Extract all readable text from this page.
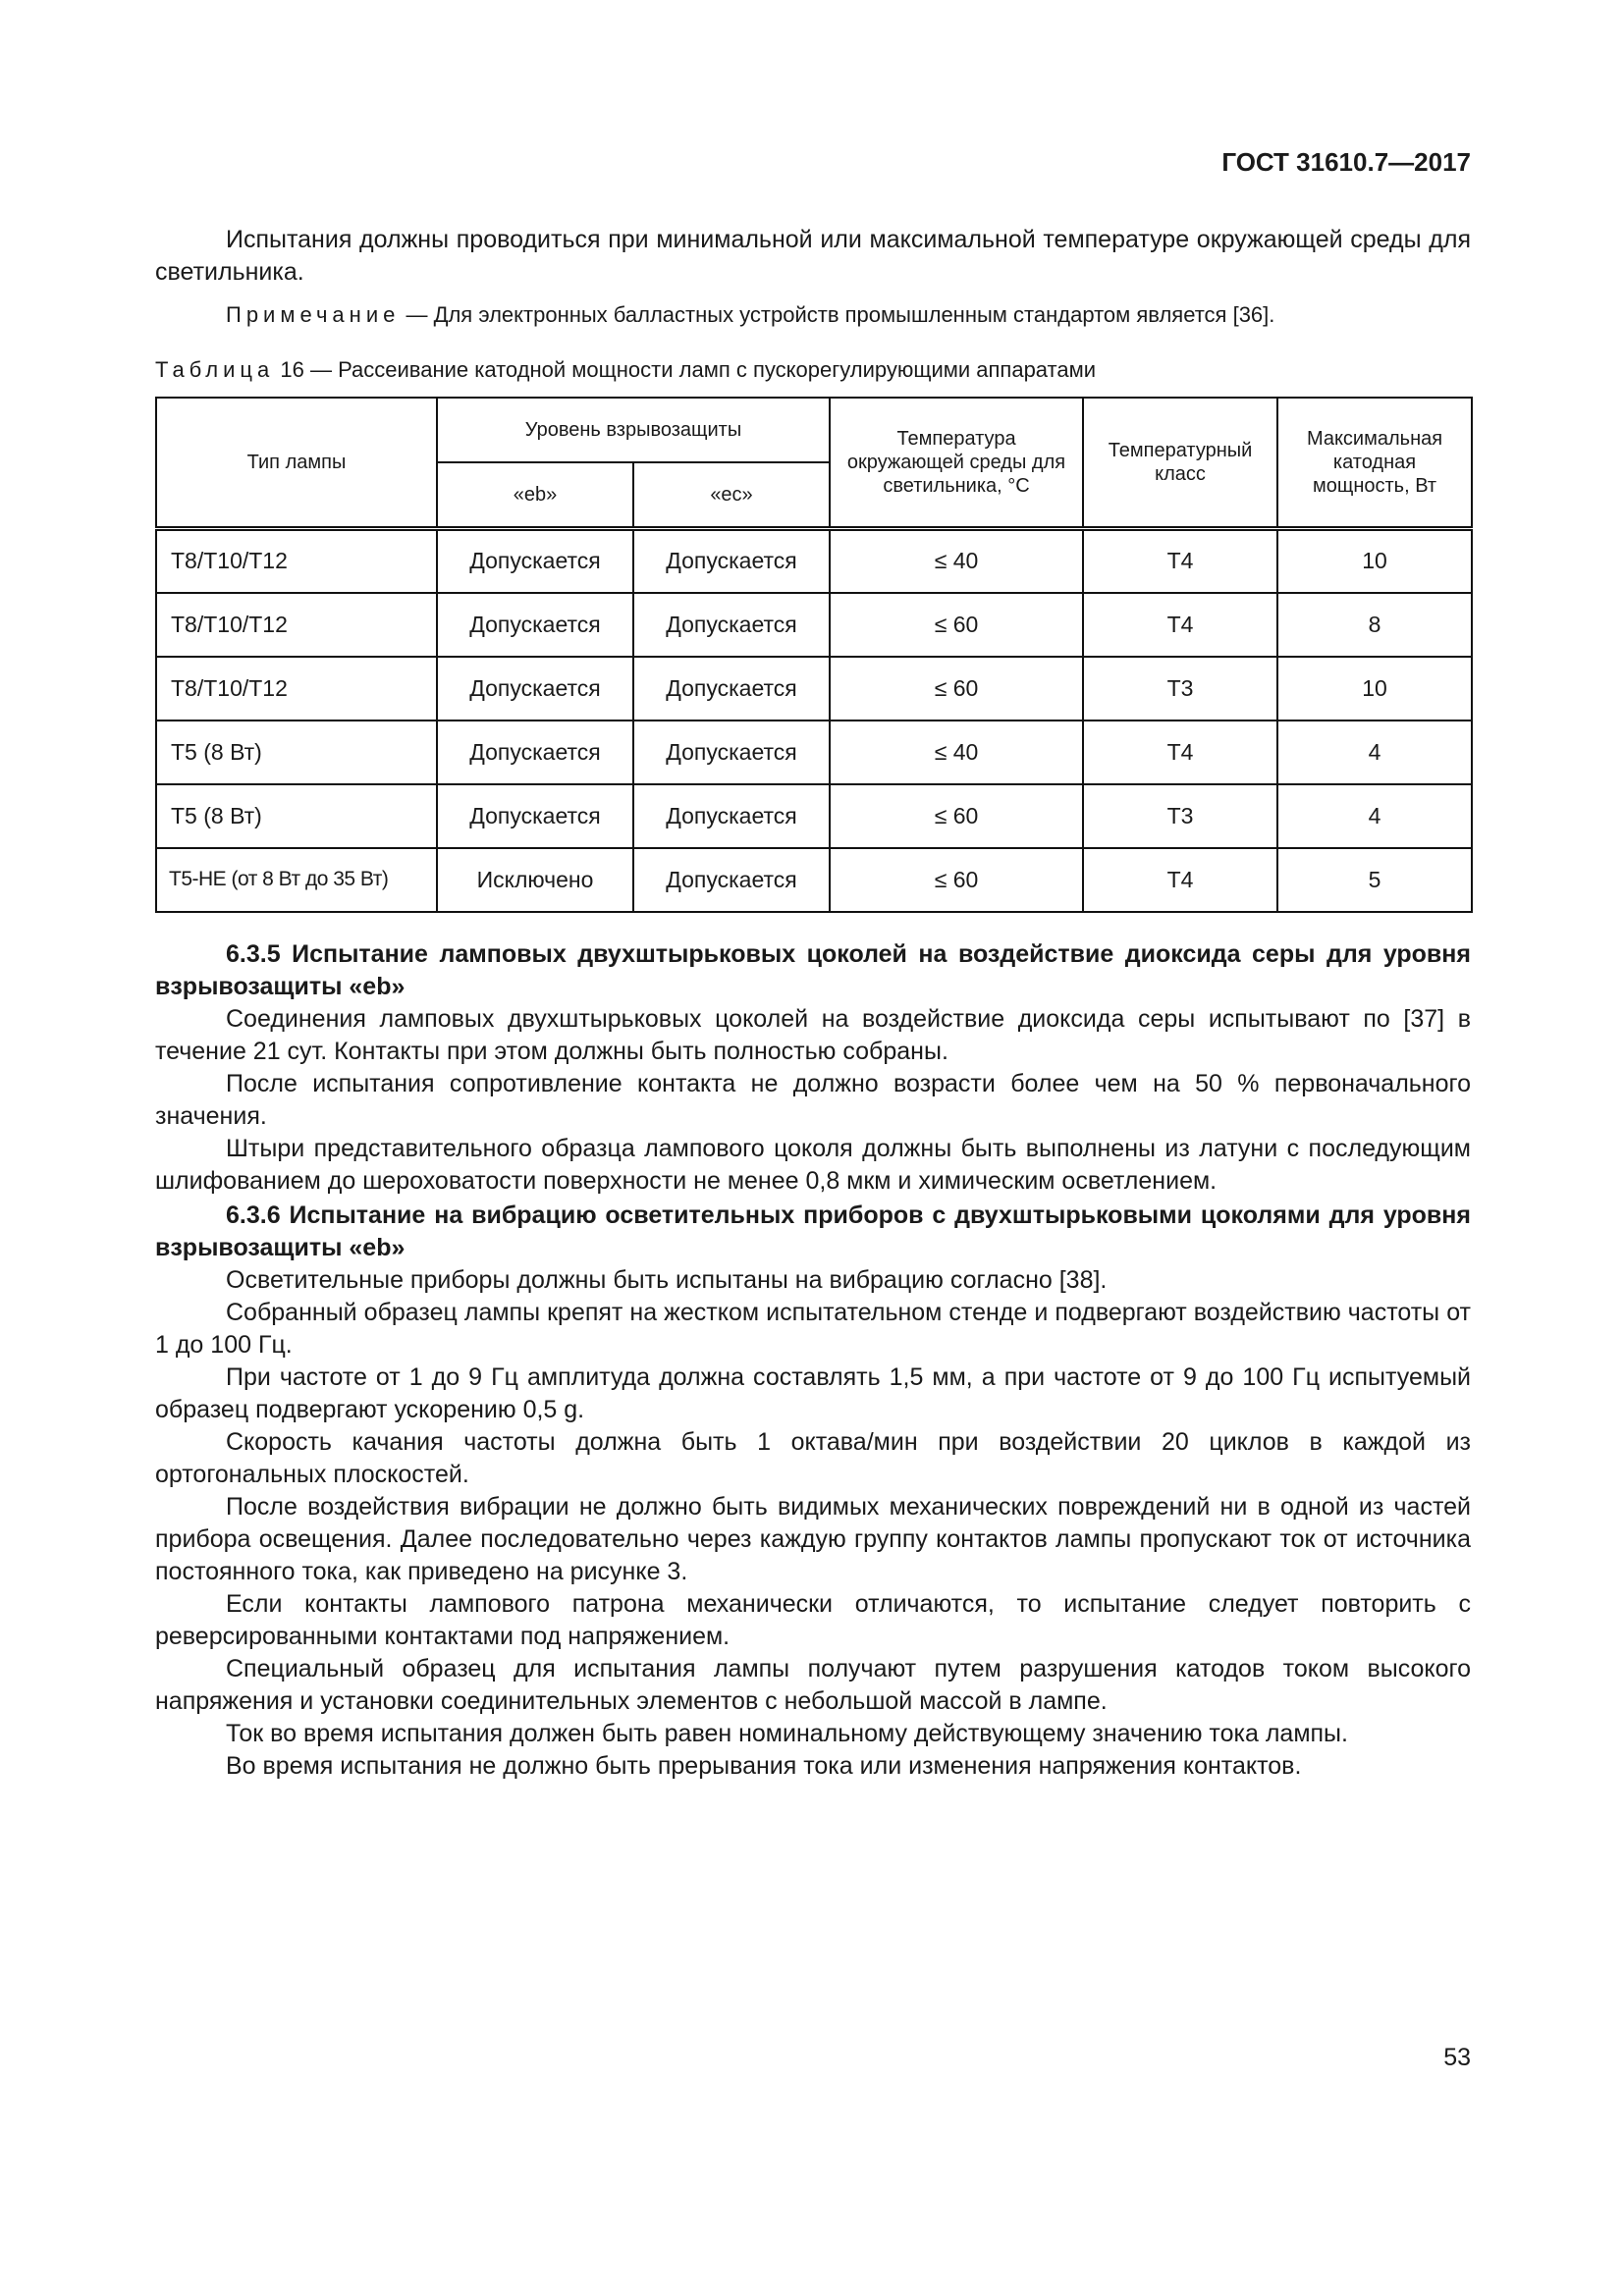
ГОСТ 31610.7—2017

Испытания должны проводиться при минимальной или максимальной температуре окружающей среды для светильника.

Примечание — Для электронных балластных устройств промышленным стандартом является [36].

Таблица 16 — Рассеивание катодной мощности ламп с пускорегулирующими аппаратами

Тип лампы	Уровень взрывозащиты		Температура окружающей среды для светильника, °С	Температурный класс	Максимальная катодная мощность, Вт
	«eb»	«ec»			
T8/T10/T12	Допускается	Допускается	≤ 40	Т4	10
T8/T10/T12	Допускается	Допускается	≤ 60	Т4	8
T8/T10/T12	Допускается	Допускается	≤ 60	Т3	10
T5 (8 Вт)	Допускается	Допускается	≤ 40	Т4	4
T5 (8 Вт)	Допускается	Допускается	≤ 60	Т3	4
T5-HE (от 8 Вт до 35 Вт)	Исключено	Допускается	≤ 60	Т4	5

6.3.5 Испытание ламповых двухштырьковых цоколей на воздействие диоксида серы для уровня взрывозащиты «eb»

Соединения ламповых двухштырьковых цоколей на воздействие диоксида серы испытывают по [37] в течение 21 сут. Контакты при этом должны быть полностью собраны.

После испытания сопротивление контакта не должно возрасти более чем на 50 % первоначального значения.

Штыри представительного образца лампового цоколя должны быть выполнены из латуни с последующим шлифованием до шероховатости поверхности не менее 0,8 мкм и химическим осветлением.

6.3.6 Испытание на вибрацию осветительных приборов с двухштырьковыми цоколями для уровня взрывозащиты «eb»

Осветительные приборы должны быть испытаны на вибрацию согласно [38].

Собранный образец лампы крепят на жестком испытательном стенде и подвергают воздействию частоты от 1 до 100 Гц.

При частоте от 1 до 9 Гц амплитуда должна составлять 1,5 мм, а при частоте от 9 до 100 Гц испытуемый образец подвергают ускорению 0,5 g.

Скорость качания частоты должна быть 1 октава/мин при воздействии 20 циклов в каждой из ортогональных плоскостей.

После воздействия вибрации не должно быть видимых механических повреждений ни в одной из частей прибора освещения. Далее последовательно через каждую группу контактов лампы пропускают ток от источника постоянного тока, как приведено на рисунке 3.

Если контакты лампового патрона механически отличаются, то испытание следует повторить с реверсированными контактами под напряжением.

Специальный образец для испытания лампы получают путем разрушения катодов током высокого напряжения и установки соединительных элементов с небольшой массой в лампе.

Ток во время испытания должен быть равен номинальному действующему значению тока лампы.

Во время испытания не должно быть прерывания тока или изменения напряжения контактов.

53
